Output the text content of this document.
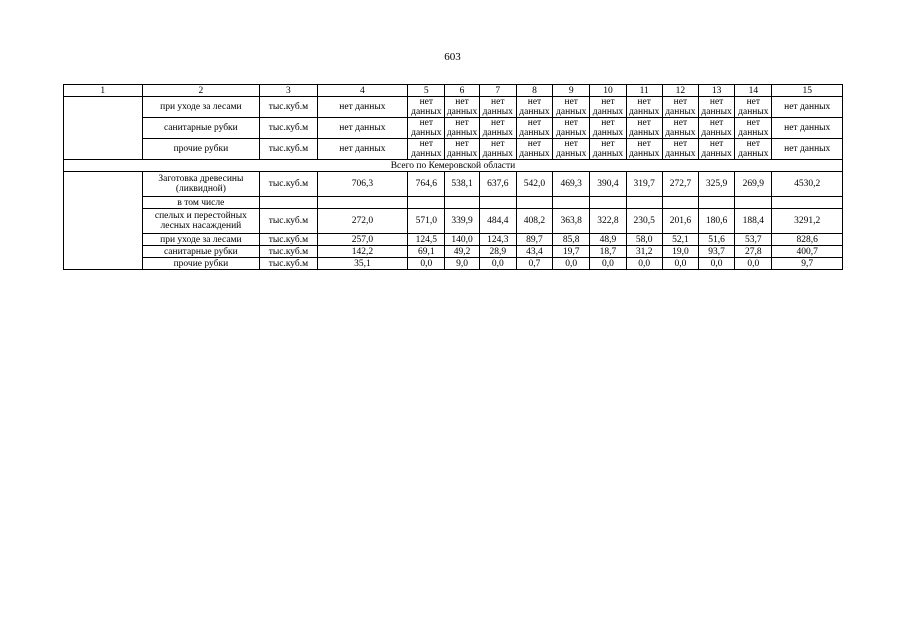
603
1	2	3	4	5	6	7	8	9	10	11	12	13	14	15
	при уходе за лесами	тыс.куб.м	нет данных	нет данных	нет данных	нет данных	нет данных	нет данных	нет данных	нет данных	нет данных	нет данных	нет данных	нет данных
	санитарные рубки	тыс.куб.м	нет данных	нет данных	нет данных	нет данных	нет данных	нет данных	нет данных	нет данных	нет данных	нет данных	нет данных	нет данных
	прочие рубки	тыс.куб.м	нет данных	нет данных	нет данных	нет данных	нет данных	нет данных	нет данных	нет данных	нет данных	нет данных	нет данных	нет данных
Всего по Кемеровской области														
	Заготовка древесины (ликвидной)	тыс.куб.м	706,3	764,6	538,1	637,6	542,0	469,3	390,4	319,7	272,7	325,9	269,9	4530,2
	в том числе													
	спелых и перестойных лесных насаждений	тыс.куб.м	272,0	571,0	339,9	484,4	408,2	363,8	322,8	230,5	201,6	180,6	188,4	3291,2
	при уходе за лесами	тыс.куб.м	257,0	124,5	140,0	124,3	89,7	85,8	48,9	58,0	52,1	51,6	53,7	828,6
	санитарные рубки	тыс.куб.м	142,2	69,1	49,2	28,9	43,4	19,7	18,7	31,2	19,0	93,7	27,8	400,7
	прочие рубки	тыс.куб.м	35,1	0,0	9,0	0,0	0,7	0,0	0,0	0,0	0,0	0,0	0,0	9,7
